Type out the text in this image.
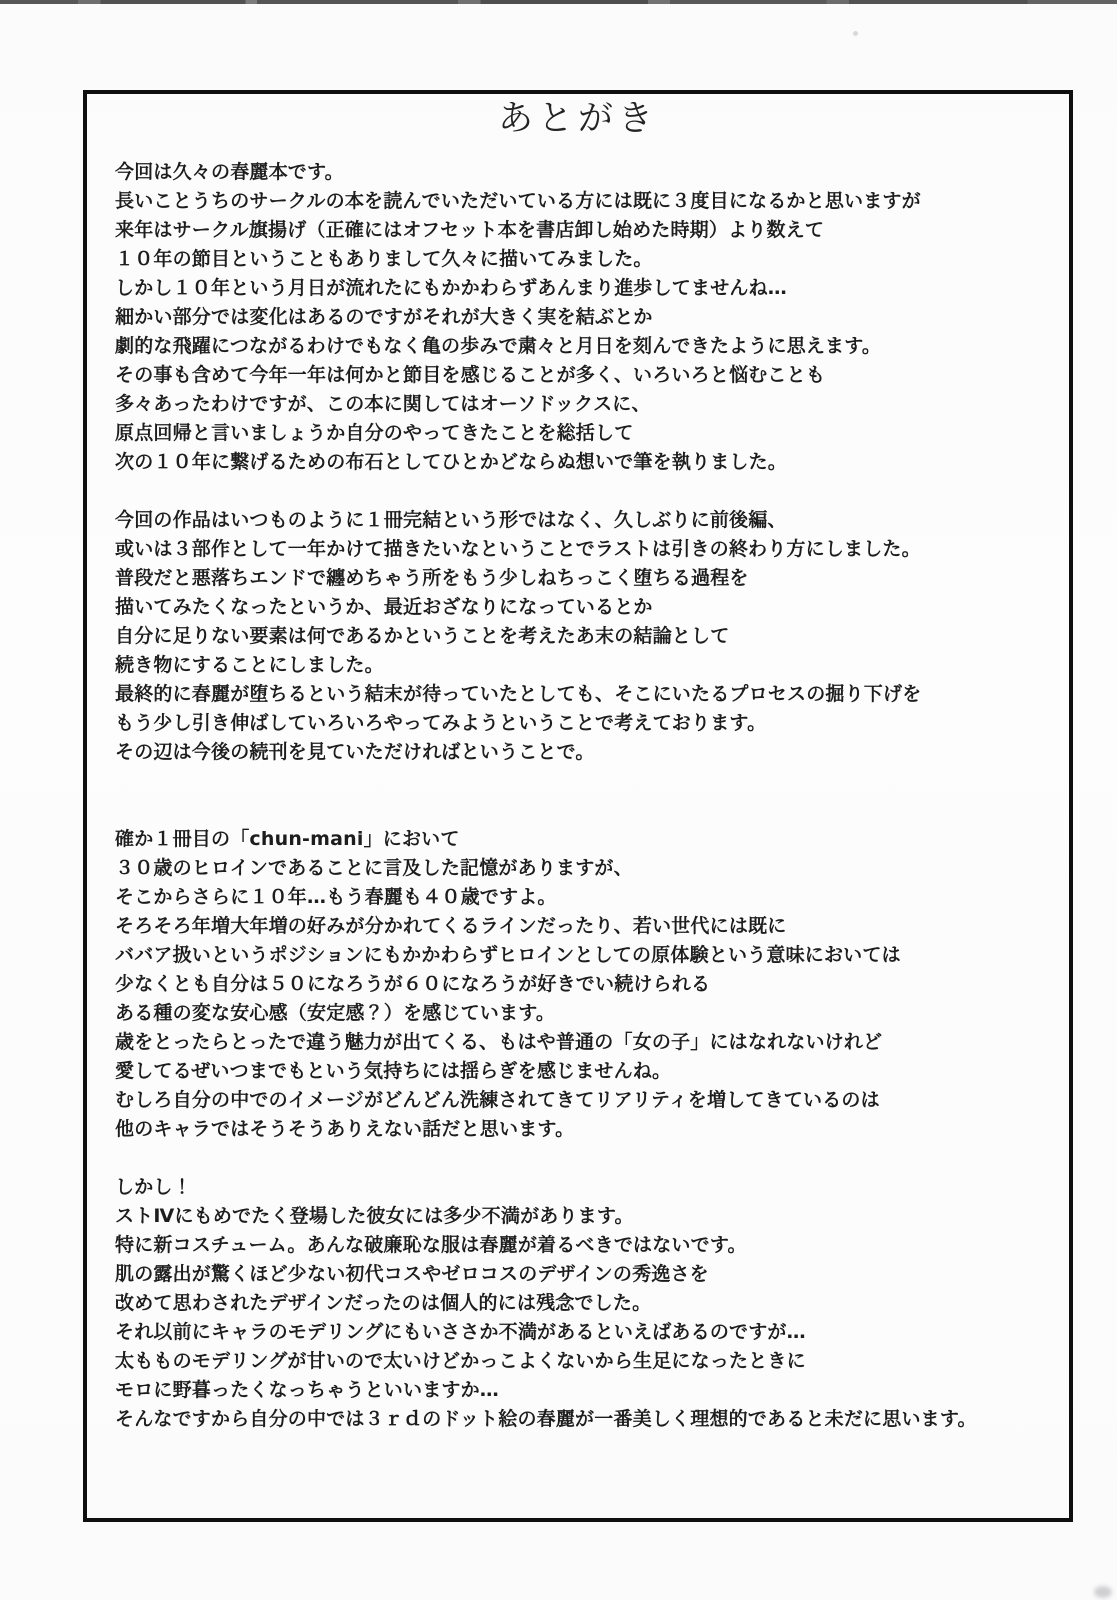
あとがき
今回は久々の春麗本です。
長いことうちのサークルの本を読んでいただいている方には既に３度目になるかと思いますが
来年はサークル旗揚げ（正確にはオフセット本を書店卸し始めた時期）より数えて
１０年の節目ということもありまして久々に描いてみました。
しかし１０年という月日が流れたにもかかわらずあんまり進歩してませんね…
細かい部分では変化はあるのですがそれが大きく実を結ぶとか
劇的な飛躍につながるわけでもなく亀の歩みで粛々と月日を刻んできたように思えます。
その事も含めて今年一年は何かと節目を感じることが多く、いろいろと悩むことも
多々あったわけですが、この本に関してはオーソドックスに、
原点回帰と言いましょうか自分のやってきたことを総括して
次の１０年に繋げるための布石としてひとかどならぬ想いで筆を執りました。
今回の作品はいつものように１冊完結という形ではなく、久しぶりに前後編、
或いは３部作として一年かけて描きたいなということでラストは引きの終わり方にしました。
普段だと悪落ちエンドで纏めちゃう所をもう少しねちっこく堕ちる過程を
描いてみたくなったというか、最近おざなりになっているとか
自分に足りない要素は何であるかということを考えたあ末の結論として
続き物にすることにしました。
最終的に春麗が堕ちるという結末が待っていたとしても、そこにいたるプロセスの掘り下げを
もう少し引き伸ばしていろいろやってみようということで考えております。
その辺は今後の続刊を見ていただければということで。
確か１冊目の「chun-mani」において
３０歳のヒロインであることに言及した記憶がありますが、
そこからさらに１０年…もう春麗も４０歳ですよ。
そろそろ年増大年増の好みが分かれてくるラインだったり、若い世代には既に
ババア扱いというポジションにもかかわらずヒロインとしての原体験という意味においては
少なくとも自分は５０になろうが６０になろうが好きでい続けられる
ある種の変な安心感（安定感？）を感じています。
歳をとったらとったで違う魅力が出てくる、もはや普通の「女の子」にはなれないけれど
愛してるぜいつまでもという気持ちには揺らぎを感じませんね。
むしろ自分の中でのイメージがどんどん洗練されてきてリアリティを増してきているのは
他のキャラではそうそうありえない話だと思います。
しかし！
ストⅣにもめでたく登場した彼女には多少不満があります。
特に新コスチューム。あんな破廉恥な服は春麗が着るべきではないです。
肌の露出が驚くほど少ない初代コスやゼロコスのデザインの秀逸さを
改めて思わされたデザインだったのは個人的には残念でした。
それ以前にキャラのモデリングにもいささか不満があるといえばあるのですが…
太もものモデリングが甘いので太いけどかっこよくないから生足になったときに
モロに野暮ったくなっちゃうといいますか…
そんなですから自分の中では３ｒｄのドット絵の春麗が一番美しく理想的であると未だに思います。
